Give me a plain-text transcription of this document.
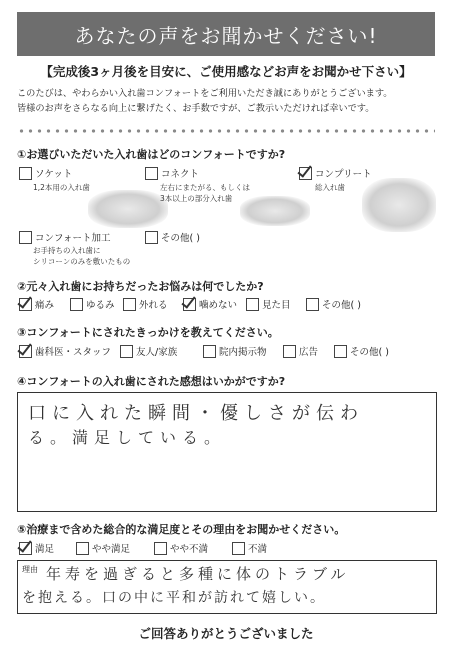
あなたの声をお聞かせください!
【完成後3ヶ月後を目安に、ご使用感などお声をお聞かせ下さい】
このたびは、やわらかい入れ歯コンフォートをご利用いただき誠にありがとうございます。
皆様のお声をさらなる向上に繋げたく、お手数ですが、ご教示いただければ幸いです。
①お選びいただいた入れ歯はどのコンフォートですか?
ソケット
1,2本用の入れ歯
コネクト
左右にまたがる、もしくは
3本以上の部分入れ歯
コンプリート
総入れ歯
コンフォート加工
お手持ちの入れ歯に
シリコーンのみを敷いたもの
その他( )
②元々入れ歯にお持ちだったお悩みは何でしたか?
痛み	ゆるみ	外れる	噛めない	見た目	その他( )
③コンフォートにされたきっかけを教えてください。
歯科医・スタッフ	友人/家族	院内掲示物	広告	その他( )
④コンフォートの入れ歯にされた感想はいかがですか?
口に入れた瞬間・優しさが伝わ
る。満足している。
⑤治療まで含めた総合的な満足度とその理由をお聞かせください。
満足	やや満足	やや不満	不満
理由 年寿を過ぎると多種に体のトラブル
を抱える。口の中に平和が訪れて嬉しい。
ご回答ありがとうございました
